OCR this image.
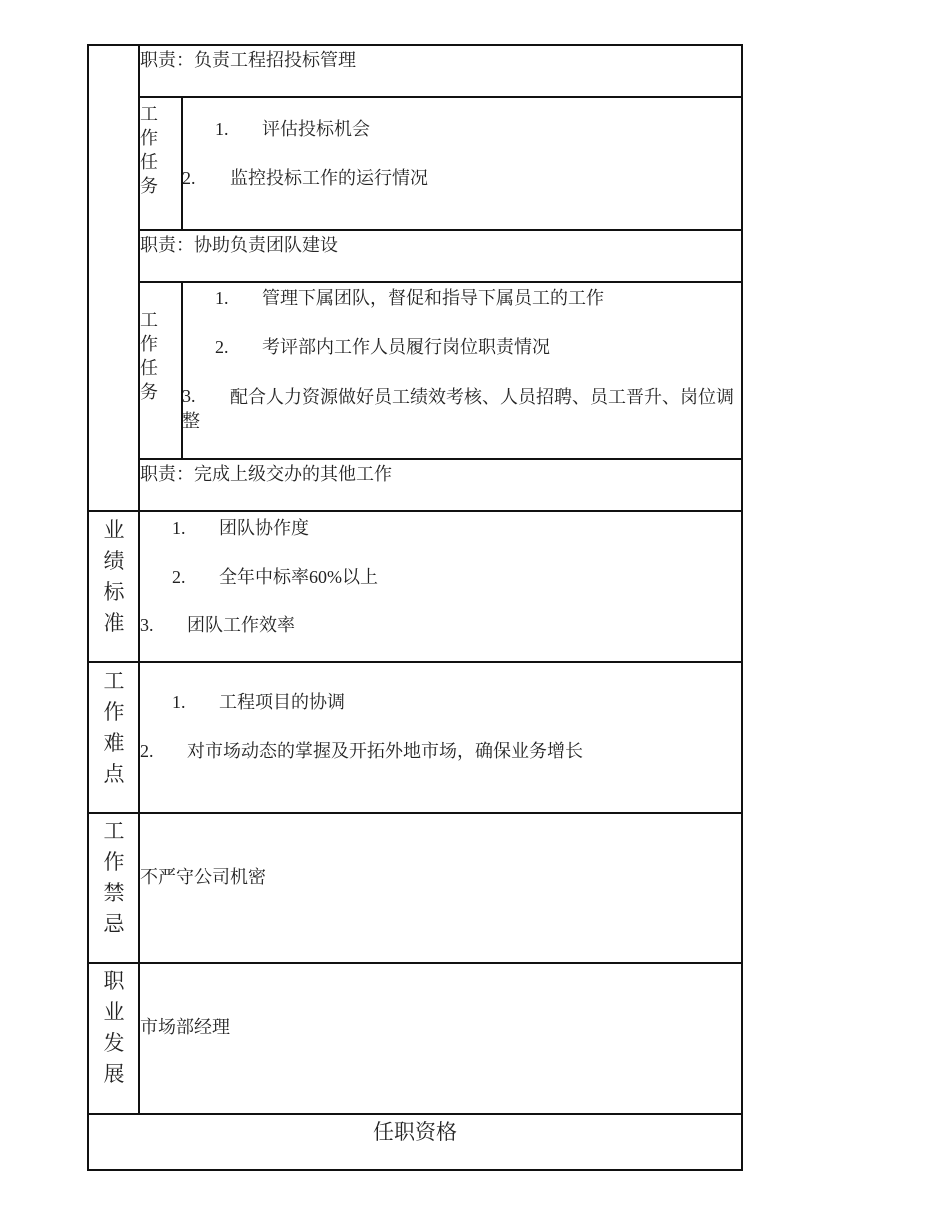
职责：负责工程招投标管理
工作任务
1. 评估投标机会
2. 监控投标工作的运行情况
职责：协助负责团队建设
工作任务
1. 管理下属团队，督促和指导下属员工的工作
2. 考评部内工作人员履行岗位职责情况
3.	配合人力资源做好员工绩效考核、人员招聘、员工晋升、岗位调整
职责：完成上级交办的其他工作
业绩标准
1. 团队协作度
2. 全年中标率60%以上
3. 团队工作效率
工作难点
1. 工程项目的协调
2. 对市场动态的掌握及开拓外地市场，确保业务增长
工作禁忌
不严守公司机密
职业发展
市场部经理
任职资格
